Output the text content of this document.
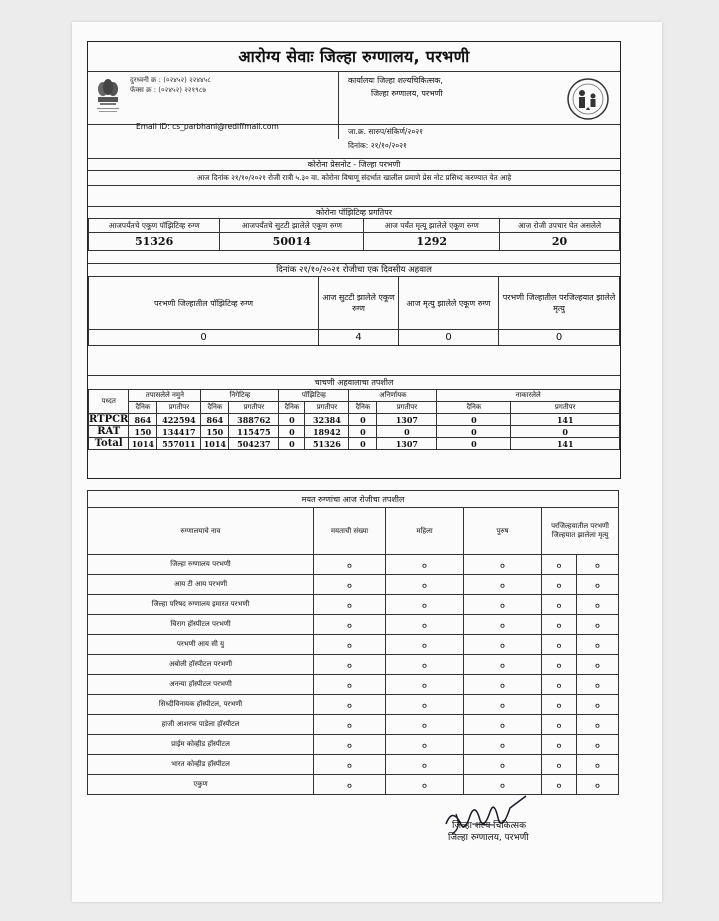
आरोग्य सेवाः जिल्हा रुग्णालय, परभणी
दुरध्वनी क्र : (०२४५२) २२४४५८
फॅक्स क्र : (०२४५२) २२१९८७
Email ID: cs_parbhani@rediffmail.com
कार्यालयः जिल्हा शल्यचिकित्सक,
जिल्हा रुग्णालय, परभणी
जा.क्र. सारुप/संकिर्ण/२०२१
दिनांक: २१/१०/२०२१
कोरोना प्रेसनोट - जिल्हा परभणी
आज दिनांक २१/१०/२०२१ रोजी रात्री ५.३० वा. कोरोना विषाणू संदर्भात खालील प्रमाणे प्रेस नोट प्रसिध्द करण्यात येत आहे
कोरोना पॉझिटिव्ह प्रगतिपर
आजपर्यंतचे एकूण पॉझिटिव्ह रुग्ण	आजपर्यंतचे सुटटी झालेले एकूण रुग्ण	आज पर्यंत मृत्यू झालेले एकूण रुग्ण	आज रोजी उपचार घेत असलेले
51326	50014	1292	20
दिनांक २१/१०/२०२१ रोजीचा एक दिवसीय अहवाल
परभणी जिल्हातील पॉझिटिव्ह रुग्ण	आज सुटटी झालेले एकूण रुग्ण	आज मृत्यु झालेले एकूण रुग्ण	परभणी जिल्हातील परजिल्हयात झालेले मृत्यु
0	4	0	0
चाचणी अहवालाचा तपशील
पध्दत	तपासलेले नमुने		निगेटिव्ह		पॉझिटिव्ह		अनिर्णायक		नाकारलेले	
	दैनिक	प्रगतीपर	दैनिक	प्रगतीपर	दैनिक	प्रगतीपर	दैनिक	प्रगतीपर	दैनिक	प्रगतीपर
RTPCR	864	422594	864	388762	0	32384	0	1307	0	141
RAT	150	134417	150	115475	0	18942	0	0	0	0
Total	1014	557011	1014	504237	0	51326	0	1307	0	141
मयत रुग्णांचा आज रोजीचा तपशील					
रुग्णालयाचे नाव	मयताची संख्या	महिला	पुरुष	परजिल्हयातील परभणी जिल्हयात झालेला मृत्यु	
जिल्हा रुग्णालय परभणी	०	०	०	०	०
आय टी आय परभणी	०	०	०	०	०
जिल्हा परिषद रुग्णालय इमारत परभणी	०	०	०	०	०
चिराग हॉस्पीटल परभणी	०	०	०	०	०
परभणी आय सी यु	०	०	०	०	०
अबोली हॉस्पीटल परभणी	०	०	०	०	०
अनन्या हॉस्पीटल परभणी	०	०	०	०	०
सिध्दीविनायक हॉस्पीटल, परभणी	०	०	०	०	०
हाजी आशरफ पाडेला हॉस्पीटल	०	०	०	०	०
प्राईम कोव्हीड हॉस्पीटल	०	०	०	०	०
भारत कोव्हीड हॉस्पीटल	०	०	०	०	०
एकुण	०	०	०	०	०
जिल्हा शल्य चिकित्सक
जिल्हा रुग्णालय, परभणी
